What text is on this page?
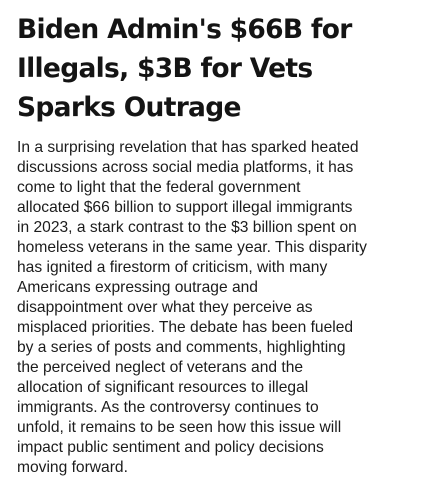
Biden Admin's $66B for
Illegals, $3B for Vets
Sparks Outrage

In a surprising revelation that has sparked heated
discussions across social media platforms, it has
come to light that the federal government
allocated $66 billion to support illegal immigrants
in 2023, a stark contrast to the $3 billion spent on
homeless veterans in the same year. This disparity
has ignited a firestorm of criticism, with many
Americans expressing outrage and
disappointment over what they perceive as
misplaced priorities. The debate has been fueled
by a series of posts and comments, highlighting
the perceived neglect of veterans and the
allocation of significant resources to illegal
immigrants. As the controversy continues to
unfold, it remains to be seen how this issue will
impact public sentiment and policy decisions
moving forward.
